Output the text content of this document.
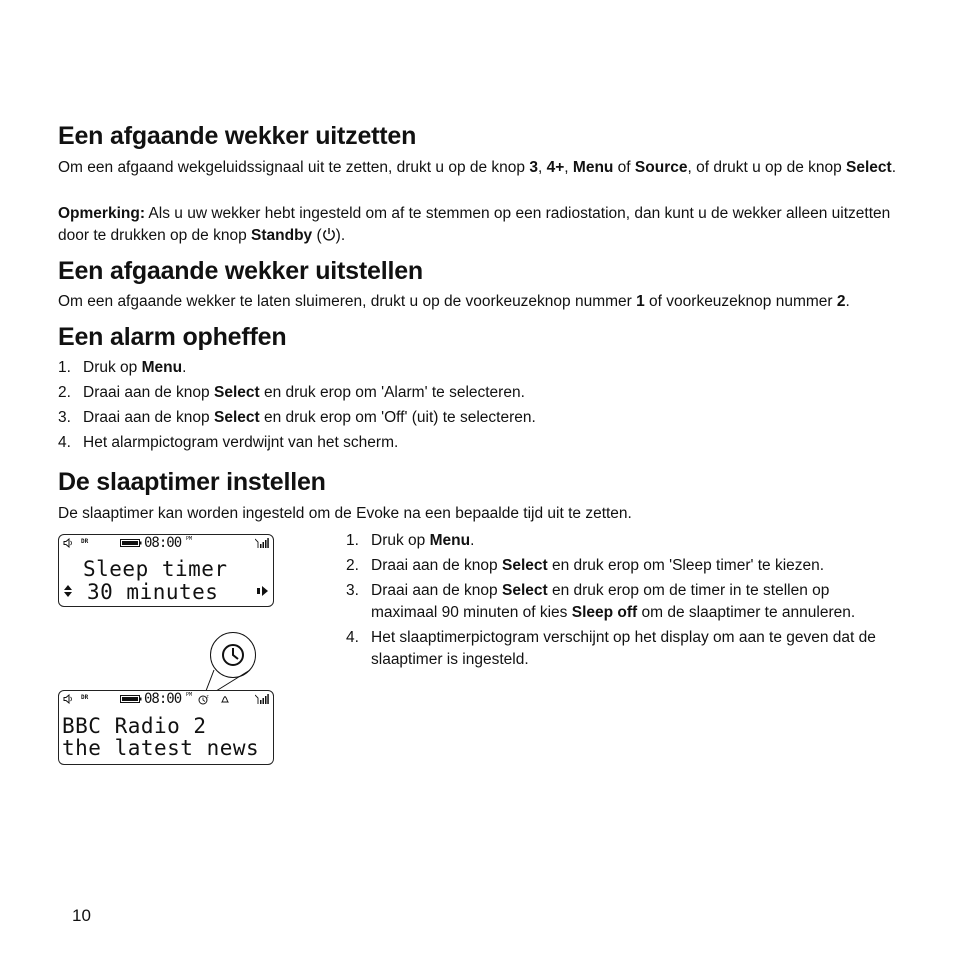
Een afgaande wekker uitzetten
Om een afgaand wekgeluidssignaal uit te zetten, drukt u op de knop 3, 4+, Menu of Source, of drukt u op de knop Select.
Opmerking: Als u uw wekker hebt ingesteld om af te stemmen op een radiostation, dan kunt u de wekker alleen uitzetten door te drukken op de knop Standby ( ).
Een afgaande wekker uitstellen
Om een afgaande wekker te laten sluimeren, drukt u op de voorkeuzeknop nummer 1 of voorkeuzeknop nummer 2.
Een alarm opheffen
1. Druk op Menu.
2. Draai aan de knop Select en druk erop om 'Alarm' te selecteren.
3. Draai aan de knop Select en druk erop om 'Off' (uit) te selecteren.
4. Het alarmpictogram verdwijnt van het scherm.
De slaaptimer instellen
De slaaptimer kan worden ingesteld om de Evoke na een bepaalde tijd uit te zetten.
1. Druk op Menu.
2. Draai aan de knop Select en druk erop om 'Sleep timer' te kiezen.
3. Draai aan de knop Select en druk erop om de timer in te stellen op maximaal 90 minuten of kies Sleep off om de slaaptimer te annuleren.
4. Het slaaptimerpictogram verschijnt op het display om aan te geven dat de slaaptimer is ingesteld.
DR	08:00 PM
Sleep timer
30 minutes
DR	08:00 PM	z
BBC Radio 2
the latest news
10
